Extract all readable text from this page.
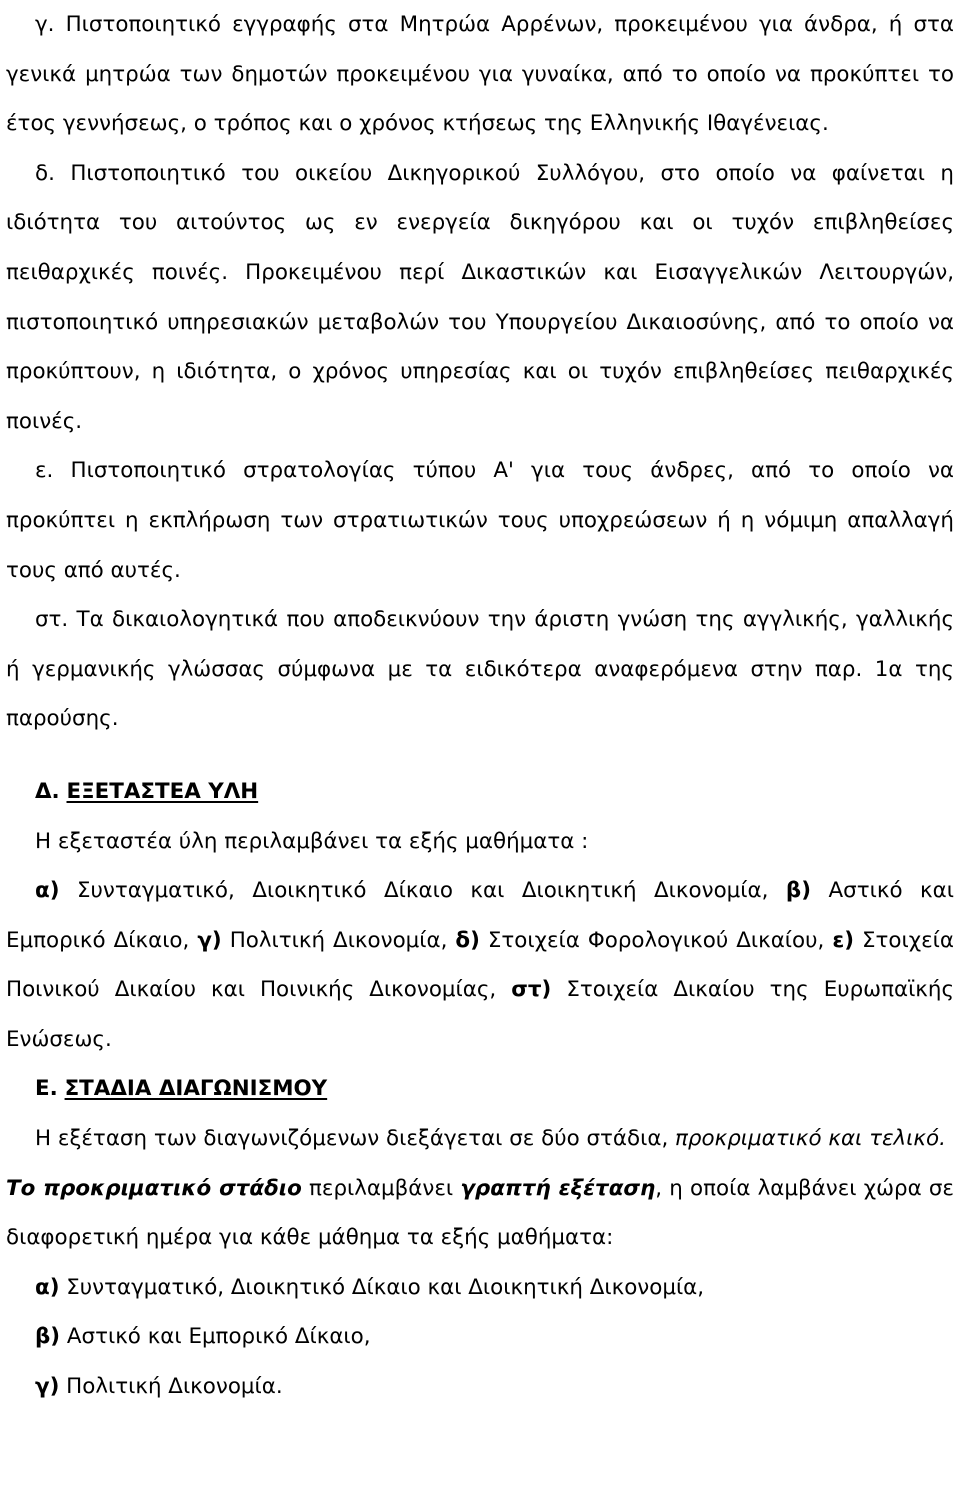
γ. Πιστοποιητικό εγγραφής στα Μητρώα Αρρένων, προκειμένου για άνδρα, ή στα γενικά μητρώα των δημοτών προκειμένου για γυναίκα, από το οποίο να προκύπτει το έτος γεννήσεως, ο τρόπος και ο χρόνος κτήσεως της Ελληνικής Ιθαγένειας.

δ. Πιστοποιητικό του οικείου Δικηγορικού Συλλόγου, στο οποίο να φαίνεται η ιδιότητα του αιτούντος ως εν ενεργεία δικηγόρου και οι τυχόν επιβληθείσες πειθαρχικές ποινές. Προκειμένου περί Δικαστικών και Εισαγγελικών Λειτουργών, πιστοποιητικό υπηρεσιακών μεταβολών του Υπουργείου Δικαιοσύνης, από το οποίο να προκύπτουν, η ιδιότητα, ο χρόνος υπηρεσίας και οι τυχόν επιβληθείσες πειθαρχικές ποινές.

ε. Πιστοποιητικό στρατολογίας τύπου Α' για τους άνδρες, από το οποίο να προκύπτει η εκπλήρωση των στρατιωτικών τους υποχρεώσεων ή η νόμιμη απαλλαγή τους από αυτές.

στ. Τα δικαιολογητικά που αποδεικνύουν την άριστη γνώση της αγγλικής, γαλλικής ή γερμανικής γλώσσας σύμφωνα με τα ειδικότερα αναφερόμενα στην παρ. 1α της παρούσης.

Δ. ΕΞΕΤΑΣΤΕΑ ΥΛΗ

Η εξεταστέα ύλη περιλαμβάνει τα εξής μαθήματα :

α) Συνταγματικό, Διοικητικό Δίκαιο και Διοικητική Δικονομία, β) Αστικό και Εμπορικό Δίκαιο, γ) Πολιτική Δικονομία, δ) Στοιχεία Φορολογικού Δικαίου, ε) Στοιχεία Ποινικού Δικαίου και Ποινικής Δικονομίας, στ) Στοιχεία Δικαίου της Ευρωπαϊκής Ενώσεως.

Ε. ΣΤΑΔΙΑ ΔΙΑΓΩΝΙΣΜΟΥ

Η εξέταση των διαγωνιζόμενων διεξάγεται σε δύο στάδια, προκριματικό και τελικό.

Το προκριματικό στάδιο περιλαμβάνει γραπτή εξέταση, η οποία λαμβάνει χώρα σε διαφορετική ημέρα για κάθε μάθημα τα εξής μαθήματα:

α) Συνταγματικό, Διοικητικό Δίκαιο και Διοικητική Δικονομία,

β) Αστικό και Εμπορικό Δίκαιο,

γ) Πολιτική Δικονομία.
